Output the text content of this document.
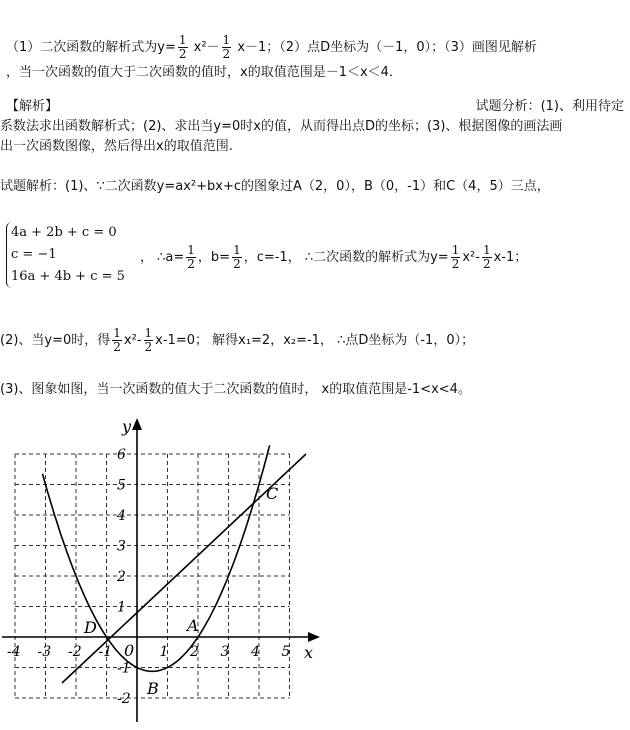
（1）二次函数的解析式为$y= \frac{1}{2} x^2- \frac{1}{2} x-1$；（2）点D坐标为（－1，0）；（3）画图见解析
，当一次函数的值大于二次函数的值时，x的取值范围是－1＜x＜4．
【解析】	试题分析：(1)、利用待定
系数法求出函数解析式；(2)、求出当y=0时x的值，从而得出点D的坐标；(3)、根据图像的画法画
出一次函数图像，然后得出x的取值范围.
试题解析：(1)、∵二次函数y=ax²+bx+c的图象过A（2，0），B（0，-1）和C（4，5）三点，
4a + 2b + c = 0
c = −1
16a + 4b + c = 5
， ∴a= $\frac{1}{2}$ ，$b= \frac{1}{2}$ ，c=-1， ∴二次函数的解析式为$y= \frac{1}{2} x^2- \frac{1}{2} x-1$；
(2)、当y=0时，得 $\frac{1}{2} x^2- \frac{1}{2} x-1=0$； 解得x₁=2，x₂=-1， ∴点D坐标为（-1，0）；
(3)、图象如图，当一次函数的值大于二次函数的值时， x的取值范围是-1<x<4。
-4 -3 -2 -1	1 2 3 4 5
6
5
4
3
2
1
-1
-2
y
x
0
D	A
B
C
